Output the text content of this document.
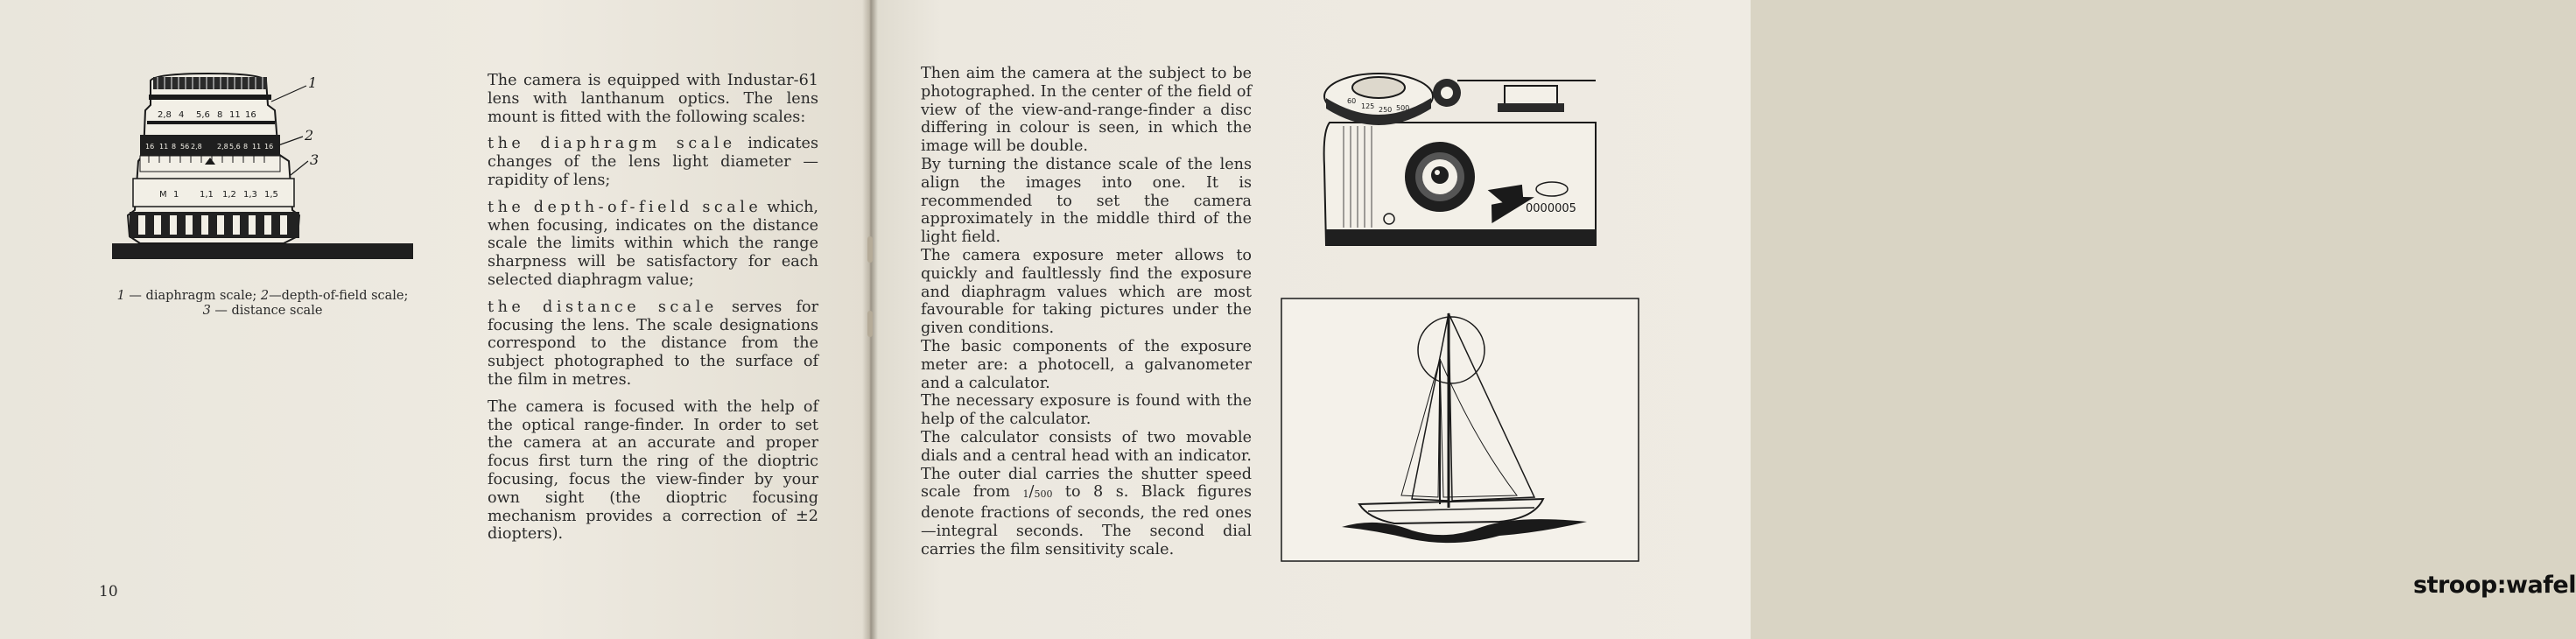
2,8 4 5,6 8 11 16
16 11 8 56 2,8 2,8 5,6 8 11 16
M 1 1,1 1,2 1,3 1,5
1
2
3
1 — diaphragm scale; 2—depth-of-field scale;
3 — distance scale

The camera is equipped with Industar-61 lens with lanthanum optics. The lens mount is fitted with the following scales:

the diaphragm scale indicates changes of the lens light diameter — rapidity of lens;

the depth-of-field scale which, when focusing, indicates on the distance scale the limits within which the range sharpness will be satisfactory for each selected diaphragm value;

the distance scale serves for focusing the lens. The scale designations correspond to the distance from the subject photographed to the surface of the film in metres.

The camera is focused with the help of the optical range-finder. In order to set the camera at an accurate and proper focus first turn the ring of the dioptric focusing, focus the view-finder by your own sight (the dioptric focusing mechanism provides a correction of ±2 diopters).

10

Then aim the camera at the subject to be photographed. In the center of the field of view of the view-and-range-finder a disc differing in colour is seen, in which the image will be double.

By turning the distance scale of the lens align the images into one. It is recommended to set the camera approximately in the middle third of the light field.

The camera exposure meter allows to quickly and faultlessly find the exposure and diaphragm values which are most favourable for taking pictures under the given conditions.

The basic components of the exposure meter are: a photocell, a galvanometer and a calculator.

The necessary exposure is found with the help of the calculator.

The calculator consists of two movable dials and a central head with an indicator. The outer dial carries the shutter speed scale from $^1/_{500}$ to 8 s. Black figures denote fractions of seconds, the red ones—integral seconds. The second dial carries the film sensitivity scale.

500
250
125
60
0000005
stroop:wafel
